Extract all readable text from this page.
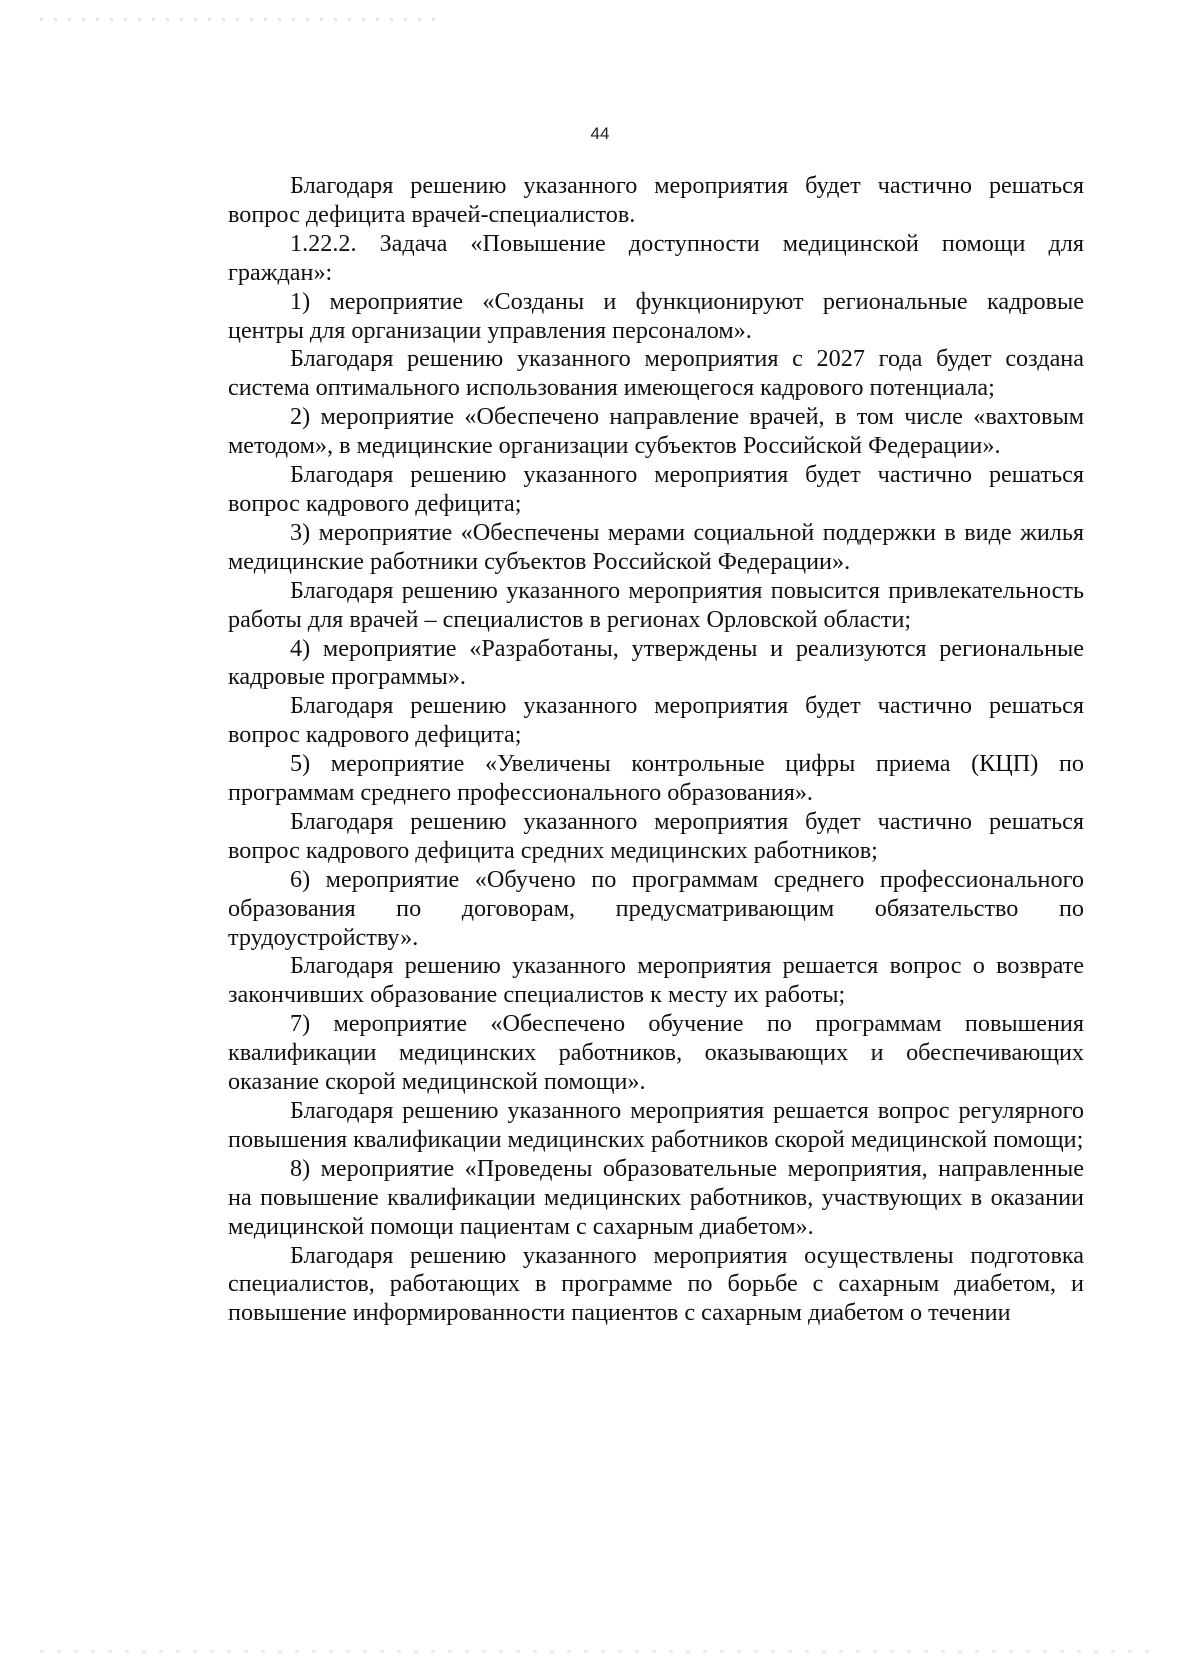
44

Благодаря решению указанного мероприятия будет частично решаться вопрос дефицита врачей-специалистов.

1.22.2. Задача «Повышение доступности медицинской помощи для граждан»:

1) мероприятие «Созданы и функционируют региональные кадровые центры для организации управления персоналом».

Благодаря решению указанного мероприятия с 2027 года будет создана система оптимального использования имеющегося кадрового потенциала;

2) мероприятие «Обеспечено направление врачей, в том числе «вахтовым методом», в медицинские организации субъектов Российской Федерации».

Благодаря решению указанного мероприятия будет частично решаться вопрос кадрового дефицита;

3) мероприятие «Обеспечены мерами социальной поддержки в виде жилья медицинские работники субъектов Российской Федерации».

Благодаря решению указанного мероприятия повысится привлекательность работы для врачей – специалистов в регионах Орловской области;

4) мероприятие «Разработаны, утверждены и реализуются региональные кадровые программы».

Благодаря решению указанного мероприятия будет частично решаться вопрос кадрового дефицита;

5) мероприятие «Увеличены контрольные цифры приема (КЦП) по программам среднего профессионального образования».

Благодаря решению указанного мероприятия будет частично решаться вопрос кадрового дефицита средних медицинских работников;

6) мероприятие «Обучено по программам среднего профессионального образования по договорам, предусматривающим обязательство по трудоустройству».

Благодаря решению указанного мероприятия решается вопрос о возврате закончивших образование специалистов к месту их работы;

7) мероприятие «Обеспечено обучение по программам повышения квалификации медицинских работников, оказывающих и обеспечивающих оказание скорой медицинской помощи».

Благодаря решению указанного мероприятия решается вопрос регулярного повышения квалификации медицинских работников скорой медицинской помощи;

8) мероприятие «Проведены образовательные мероприятия, направленные на повышение квалификации медицинских работников, участвующих в оказании медицинской помощи пациентам с сахарным диабетом».

Благодаря решению указанного мероприятия осуществлены подготовка специалистов, работающих в программе по борьбе с сахарным диабетом, и повышение информированности пациентов с сахарным диабетом о течении
